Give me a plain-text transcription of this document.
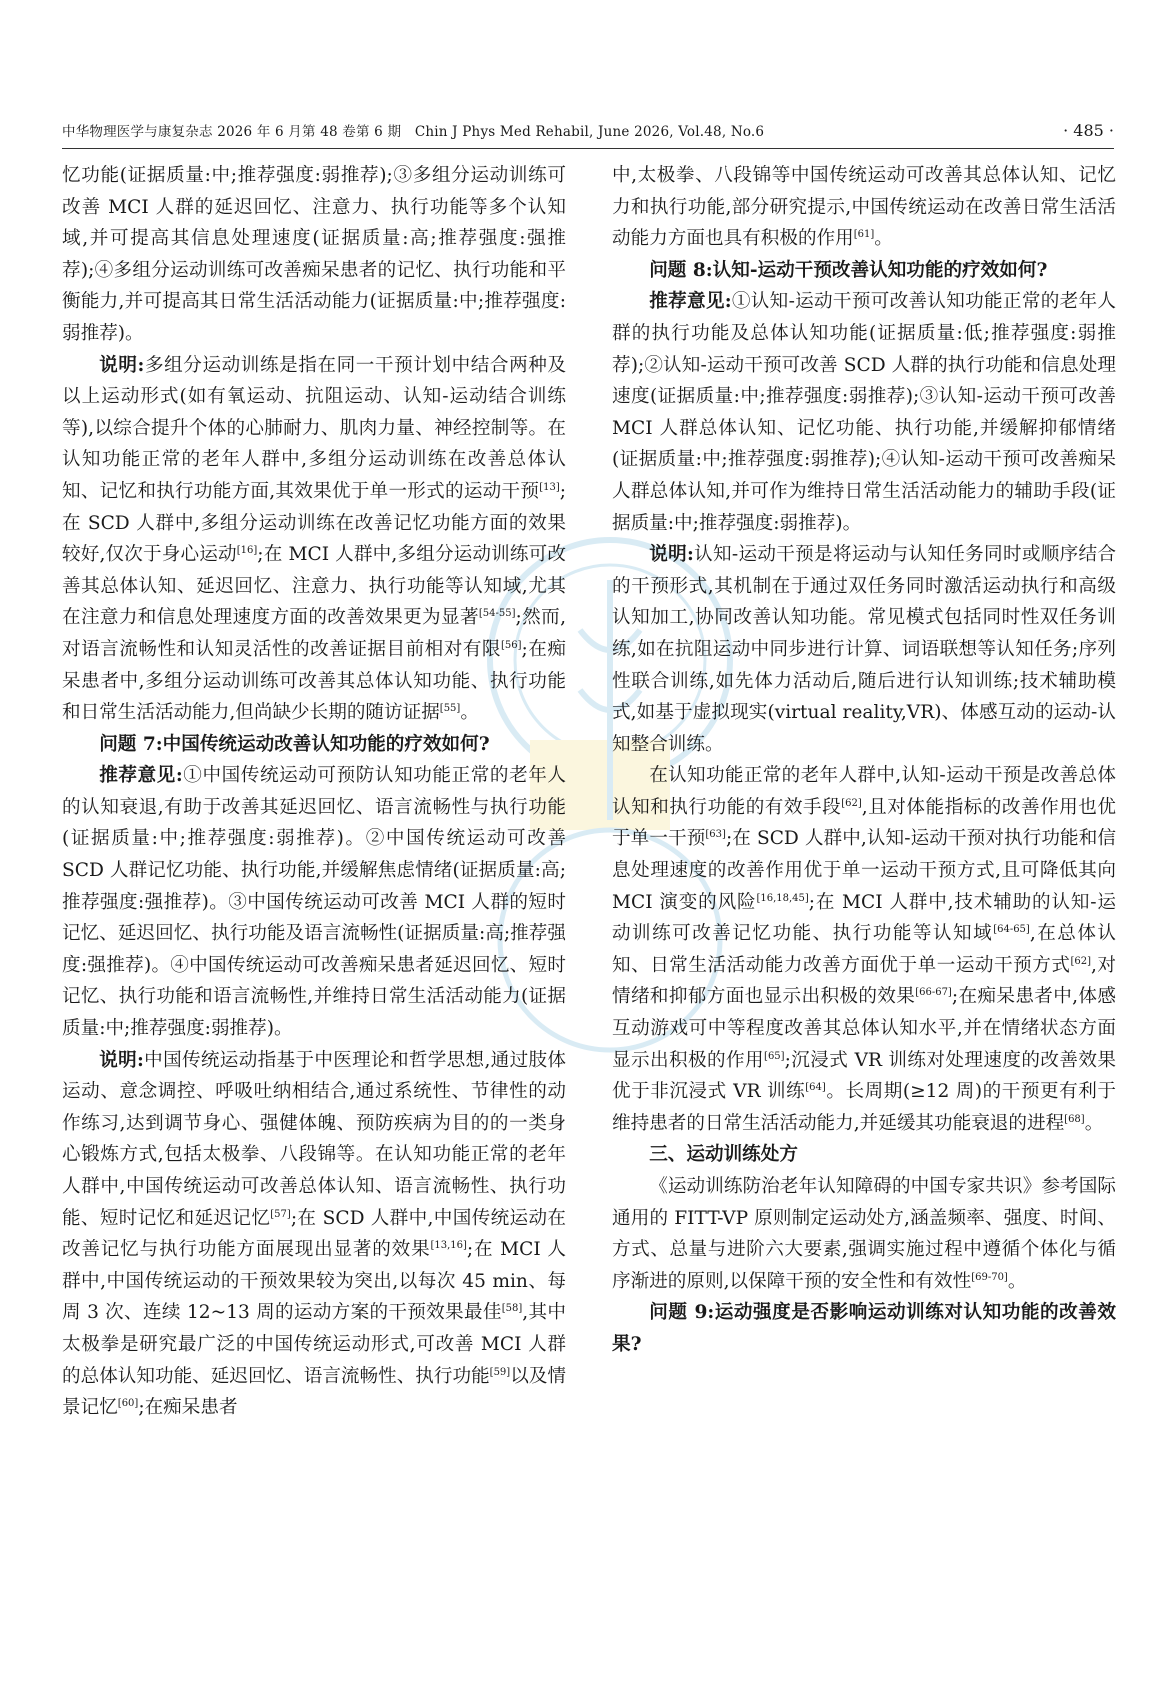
中华物理医学与康复杂志 2026 年 6 月第 48 卷第 6 期　Chin J Phys Med Rehabil, June 2026, Vol.48, No.6	· 485 ·

忆功能(证据质量:中;推荐强度:弱推荐);③多组分运动训练可改善 MCI 人群的延迟回忆、注意力、执行功能等多个认知域,并可提高其信息处理速度(证据质量:高;推荐强度:强推荐);④多组分运动训练可改善痴呆患者的记忆、执行功能和平衡能力,并可提高其日常生活活动能力(证据质量:中;推荐强度:弱推荐)。

说明:多组分运动训练是指在同一干预计划中结合两种及以上运动形式(如有氧运动、抗阻运动、认知-运动结合训练等),以综合提升个体的心肺耐力、肌肉力量、神经控制等。在认知功能正常的老年人群中,多组分运动训练在改善总体认知、记忆和执行功能方面,其效果优于单一形式的运动干预[13];在 SCD 人群中,多组分运动训练在改善记忆功能方面的效果较好,仅次于身心运动[16];在 MCI 人群中,多组分运动训练可改善其总体认知、延迟回忆、注意力、执行功能等认知域,尤其在注意力和信息处理速度方面的改善效果更为显著[54-55];然而,对语言流畅性和认知灵活性的改善证据目前相对有限[56];在痴呆患者中,多组分运动训练可改善其总体认知功能、执行功能和日常生活活动能力,但尚缺少长期的随访证据[55]。

问题 7:中国传统运动改善认知功能的疗效如何?

推荐意见:①中国传统运动可预防认知功能正常的老年人的认知衰退,有助于改善其延迟回忆、语言流畅性与执行功能(证据质量:中;推荐强度:弱推荐)。②中国传统运动可改善 SCD 人群记忆功能、执行功能,并缓解焦虑情绪(证据质量:高;推荐强度:强推荐)。③中国传统运动可改善 MCI 人群的短时记忆、延迟回忆、执行功能及语言流畅性(证据质量:高;推荐强度:强推荐)。④中国传统运动可改善痴呆患者延迟回忆、短时记忆、执行功能和语言流畅性,并维持日常生活活动能力(证据质量:中;推荐强度:弱推荐)。

说明:中国传统运动指基于中医理论和哲学思想,通过肢体运动、意念调控、呼吸吐纳相结合,通过系统性、节律性的动作练习,达到调节身心、强健体魄、预防疾病为目的的一类身心锻炼方式,包括太极拳、八段锦等。在认知功能正常的老年人群中,中国传统运动可改善总体认知、语言流畅性、执行功能、短时记忆和延迟记忆[57];在 SCD 人群中,中国传统运动在改善记忆与执行功能方面展现出显著的效果[13,16];在 MCI 人群中,中国传统运动的干预效果较为突出,以每次 45 min、每周 3 次、连续 12~13 周的运动方案的干预效果最佳[58],其中太极拳是研究最广泛的中国传统运动形式,可改善 MCI 人群的总体认知功能、延迟回忆、语言流畅性、执行功能[59]以及情景记忆[60];在痴呆患者

中,太极拳、八段锦等中国传统运动可改善其总体认知、记忆力和执行功能,部分研究提示,中国传统运动在改善日常生活活动能力方面也具有积极的作用[61]。

问题 8:认知-运动干预改善认知功能的疗效如何?

推荐意见:①认知-运动干预可改善认知功能正常的老年人群的执行功能及总体认知功能(证据质量:低;推荐强度:弱推荐);②认知-运动干预可改善 SCD 人群的执行功能和信息处理速度(证据质量:中;推荐强度:弱推荐);③认知-运动干预可改善 MCI 人群总体认知、记忆功能、执行功能,并缓解抑郁情绪(证据质量:中;推荐强度:弱推荐);④认知-运动干预可改善痴呆人群总体认知,并可作为维持日常生活活动能力的辅助手段(证据质量:中;推荐强度:弱推荐)。

说明:认知-运动干预是将运动与认知任务同时或顺序结合的干预形式,其机制在于通过双任务同时激活运动执行和高级认知加工,协同改善认知功能。常见模式包括同时性双任务训练,如在抗阻运动中同步进行计算、词语联想等认知任务;序列性联合训练,如先体力活动后,随后进行认知训练;技术辅助模式,如基于虚拟现实(virtual reality,VR)、体感互动的运动-认知整合训练。

在认知功能正常的老年人群中,认知-运动干预是改善总体认知和执行功能的有效手段[62],且对体能指标的改善作用也优于单一干预[63];在 SCD 人群中,认知-运动干预对执行功能和信息处理速度的改善作用优于单一运动干预方式,且可降低其向 MCI 演变的风险[16,18,45];在 MCI 人群中,技术辅助的认知-运动训练可改善记忆功能、执行功能等认知域[64-65],在总体认知、日常生活活动能力改善方面优于单一运动干预方式[62],对情绪和抑郁方面也显示出积极的效果[66-67];在痴呆患者中,体感互动游戏可中等程度改善其总体认知水平,并在情绪状态方面显示出积极的作用[65];沉浸式 VR 训练对处理速度的改善效果优于非沉浸式 VR 训练[64]。长周期(≥12 周)的干预更有利于维持患者的日常生活活动能力,并延缓其功能衰退的进程[68]。

三、运动训练处方

《运动训练防治老年认知障碍的中国专家共识》参考国际通用的 FITT-VP 原则制定运动处方,涵盖频率、强度、时间、方式、总量与进阶六大要素,强调实施过程中遵循个体化与循序渐进的原则,以保障干预的安全性和有效性[69-70]。

问题 9:运动强度是否影响运动训练对认知功能的改善效果?
